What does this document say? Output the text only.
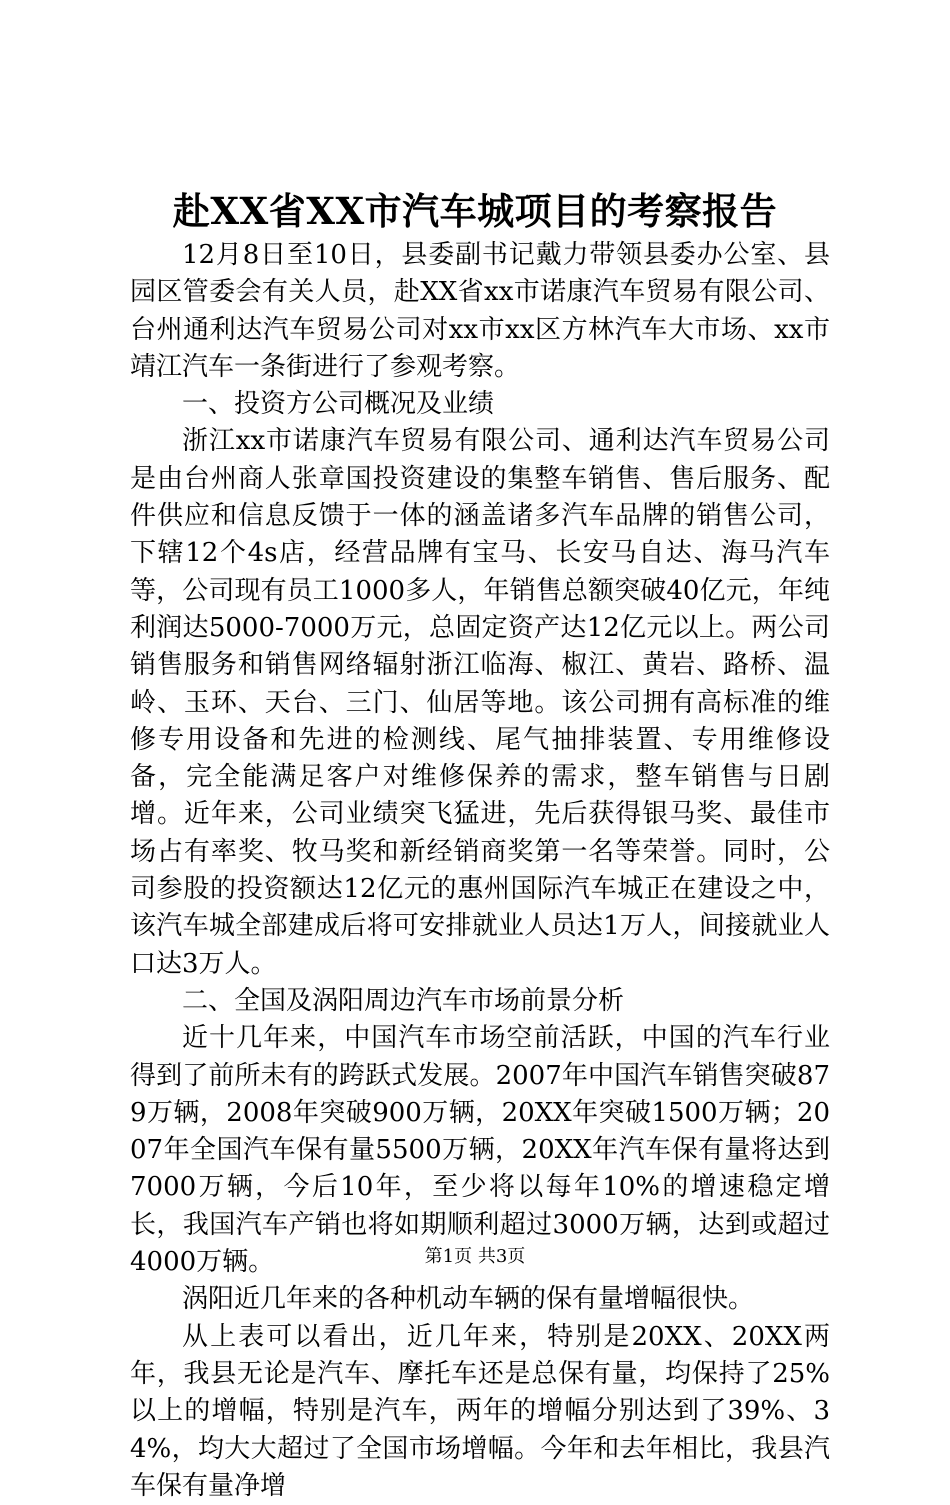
赴XX省XX市汽车城项目的考察报告

12月8日至10日，县委副书记戴力带领县委办公室、县园区管委会有关人员，赴XX省xx市诺康汽车贸易有限公司、台州通利达汽车贸易公司对xx市xx区方林汽车大市场、xx市靖江汽车一条街进行了参观考察。

一、投资方公司概况及业绩

浙江xx市诺康汽车贸易有限公司、通利达汽车贸易公司是由台州商人张章国投资建设的集整车销售、售后服务、配件供应和信息反馈于一体的涵盖诸多汽车品牌的销售公司，下辖12个4s店，经营品牌有宝马、长安马自达、海马汽车等，公司现有员工1000多人，年销售总额突破40亿元，年纯利润达5000-7000万元，总固定资产达12亿元以上。两公司销售服务和销售网络辐射浙江临海、椒江、黄岩、路桥、温岭、玉环、天台、三门、仙居等地。该公司拥有高标准的维修专用设备和先进的检测线、尾气抽排装置、专用维修设备，完全能满足客户对维修保养的需求，整车销售与日剧增。近年来，公司业绩突飞猛进，先后获得银马奖、最佳市场占有率奖、牧马奖和新经销商奖第一名等荣誉。同时，公司参股的投资额达12亿元的惠州国际汽车城正在建设之中，该汽车城全部建成后将可安排就业人员达1万人，间接就业人口达3万人。

二、全国及涡阳周边汽车市场前景分析

近十几年来，中国汽车市场空前活跃，中国的汽车行业得到了前所未有的跨跃式发展。2007年中国汽车销售突破879万辆，2008年突破900万辆，20XX年突破1500万辆；2007年全国汽车保有量5500万辆，20XX年汽车保有量将达到7000万辆，今后10年，至少将以每年10%的增速稳定增长，我国汽车产销也将如期顺利超过3000万辆，达到或超过4000万辆。

涡阳近几年来的各种机动车辆的保有量增幅很快。

从上表可以看出，近几年来，特别是20XX、20XX两年，我县无论是汽车、摩托车还是总保有量，均保持了25%以上的增幅，特别是汽车，两年的增幅分别达到了39%、34%，均大大超过了全国市场增幅。今年和去年相比，我县汽车保有量净增

第1页 共3页
